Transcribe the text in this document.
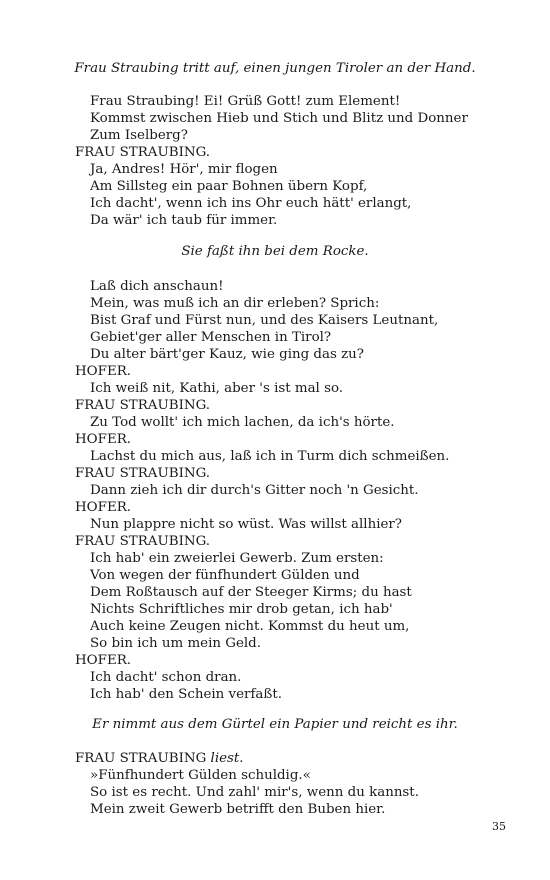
Frau Straubing tritt auf, einen jungen Tiroler an der Hand.
Frau Straubing! Ei! Grüß Gott! zum Element!
Kommst zwischen Hieb und Stich und Blitz und Donner
Zum Iselberg?
FRAU STRAUBING.
Ja, Andres! Hör', mir flogen
Am Sillsteg ein paar Bohnen übern Kopf,
Ich dacht', wenn ich ins Ohr euch hätt' erlangt,
Da wär' ich taub für immer.
Sie faßt ihn bei dem Rocke.
Laß dich anschaun!
Mein, was muß ich an dir erleben? Sprich:
Bist Graf und Fürst nun, und des Kaisers Leutnant,
Gebiet'ger aller Menschen in Tirol?
Du alter bärt'ger Kauz, wie ging das zu?
HOFER.
Ich weiß nit, Kathi, aber 's ist mal so.
FRAU STRAUBING.
Zu Tod wollt' ich mich lachen, da ich's hörte.
HOFER.
Lachst du mich aus, laß ich in Turm dich schmeißen.
FRAU STRAUBING.
Dann zieh ich dir durch's Gitter noch 'n Gesicht.
HOFER.
Nun plappre nicht so wüst. Was willst allhier?
FRAU STRAUBING.
Ich hab' ein zweierlei Gewerb. Zum ersten:
Von wegen der fünfhundert Gülden und
Dem Roßtausch auf der Steeger Kirms; du hast
Nichts Schriftliches mir drob getan, ich hab'
Auch keine Zeugen nicht. Kommst du heut um,
So bin ich um mein Geld.
HOFER.
Ich dacht' schon dran.
Ich hab' den Schein verfaßt.
Er nimmt aus dem Gürtel ein Papier und reicht es ihr.
FRAU STRAUBING liest.
»Fünfhundert Gülden schuldig.«
So ist es recht. Und zahl' mir's, wenn du kannst.
Mein zweit Gewerb betrifft den Buben hier.
35
